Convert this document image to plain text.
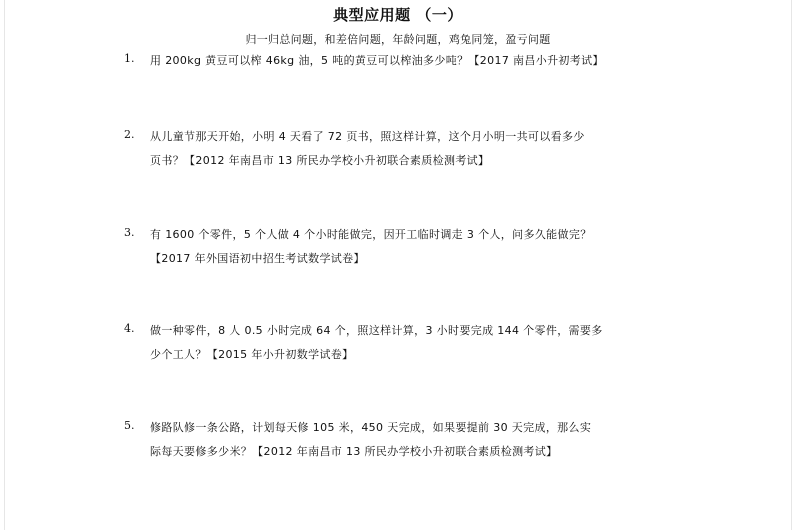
典型应用题 （一）
归一归总问题，和差倍问题，年龄问题，鸡兔同笼，盈亏问题
1. 用 200kg 黄豆可以榨 46kg 油，5 吨的黄豆可以榨油多少吨？【2017 南昌小升初考试】
2. 从儿童节那天开始，小明 4 天看了 72 页书，照这样计算，这个月小明一共可以看多少
页书？【2012 年南昌市 13 所民办学校小升初联合素质检测考试】
3. 有 1600 个零件，5 个人做 4 个小时能做完，因开工临时调走 3 个人，问多久能做完？
【2017 年外国语初中招生考试数学试卷】
4. 做一种零件，8 人 0.5 小时完成 64 个，照这样计算，3 小时要完成 144 个零件，需要多
少个工人？【2015 年小升初数学试卷】
5. 修路队修一条公路，计划每天修 105 米，450 天完成，如果要提前 30 天完成，那么实
际每天要修多少米？【2012 年南昌市 13 所民办学校小升初联合素质检测考试】
